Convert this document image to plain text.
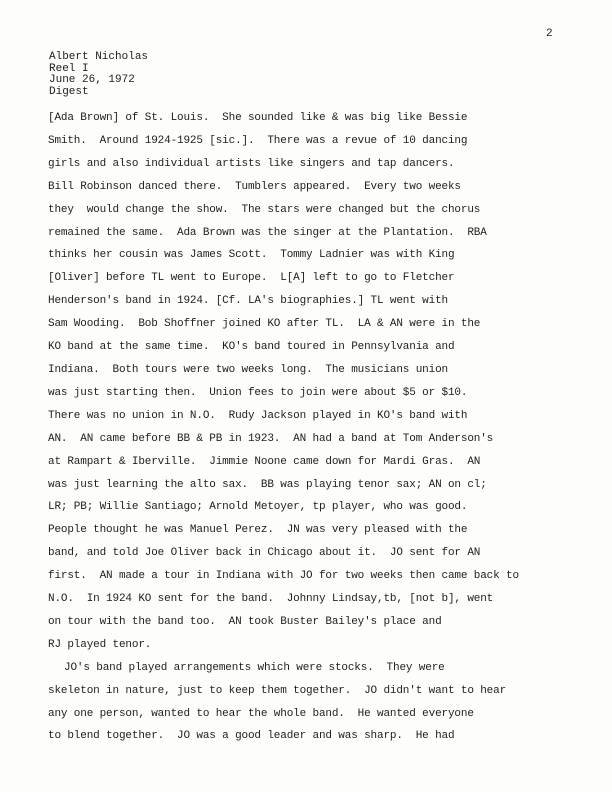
2
Albert Nicholas
Reel I
June 26, 1972
Digest
[Ada Brown] of St. Louis.  She sounded like & was big like Bessie
Smith.  Around 1924-1925 [sic.].  There was a revue of 10 dancing
girls and also individual artists like singers and tap dancers.
Bill Robinson danced there.  Tumblers appeared.  Every two weeks
they  would change the show.  The stars were changed but the chorus
remained the same.  Ada Brown was the singer at the Plantation.  RBA
thinks her cousin was James Scott.  Tommy Ladnier was with King
[Oliver] before TL went to Europe.  L[A] left to go to Fletcher
Henderson's band in 1924. [Cf. LA's biographies.] TL went with
Sam Wooding.  Bob Shoffner joined KO after TL.  LA & AN were in the
KO band at the same time.  KO's band toured in Pennsylvania and
Indiana.  Both tours were two weeks long.  The musicians union
was just starting then.  Union fees to join were about $5 or $10.
There was no union in N.O.  Rudy Jackson played in KO's band with
AN.  AN came before BB & PB in 1923.  AN had a band at Tom Anderson's
at Rampart & Iberville.  Jimmie Noone came down for Mardi Gras.  AN
was just learning the alto sax.  BB was playing tenor sax; AN on cl;
LR; PB; Willie Santiago; Arnold Metoyer, tp player, who was good.
People thought he was Manuel Perez.  JN was very pleased with the
band, and told Joe Oliver back in Chicago about it.  JO sent for AN
first.  AN made a tour in Indiana with JO for two weeks then came back to
N.O.  In 1924 KO sent for the band.  Johnny Lindsay,tb, [not b], went
on tour with the band too.  AN took Buster Bailey's place and
RJ played tenor.
JO's band played arrangements which were stocks.  They were
skeleton in nature, just to keep them together.  JO didn't want to hear
any one person, wanted to hear the whole band.  He wanted everyone
to blend together.  JO was a good leader and was sharp.  He had
